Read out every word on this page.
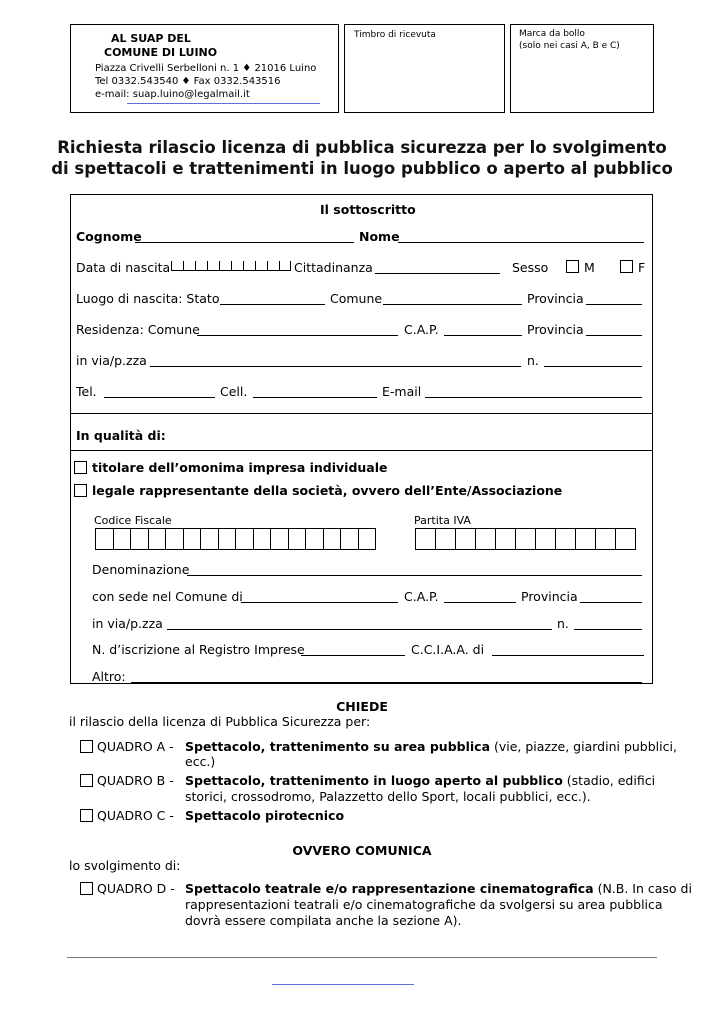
AL SUAP DEL
COMUNE DI LUINO
Piazza Crivelli Serbelloni n. 1 ♦ 21016 Luino
Tel 0332.543540 ♦ Fax 0332.543516
e-mail: suap.luino@legalmail.it
Timbro di ricevuta	Marca da bollo
(solo nei casi A, B e C)
Richiesta rilascio licenza di pubblica sicurezza per lo svolgimento
di spettacoli e trattenimenti in luogo pubblico o aperto al pubblico
Il sottoscritto
Cognome	Nome
Data di nascita	Cittadinanza	Sesso	M	F
Luogo di nascita: Stato	Comune	Provincia
Residenza: Comune	C.A.P.	Provincia
in via/p.zza	n.
Tel.	Cell.	E-mail
In qualità di:
titolare dell’omonima impresa individuale
legale rappresentante della società, ovvero dell’Ente/Associazione
Codice Fiscale	Partita IVA
Denominazione
con sede nel Comune di	C.A.P.	Provincia
in via/p.zza	n.
N. d’iscrizione al Registro Imprese	C.C.I.A.A. di
Altro:
CHIEDE
il rilascio della licenza di Pubblica Sicurezza per:
QUADRO A - Spettacolo, trattenimento su area pubblica (vie, piazze, giardini pubblici,
ecc.)
QUADRO B - Spettacolo, trattenimento in luogo aperto al pubblico (stadio, edifici
storici, crossodromo, Palazzetto dello Sport, locali pubblici, ecc.).
QUADRO C - Spettacolo pirotecnico
OVVERO COMUNICA
lo svolgimento di:
QUADRO D - Spettacolo teatrale e/o rappresentazione cinematografica (N.B. In caso di
rappresentazioni teatrali e/o cinematografiche da svolgersi su area pubblica
dovrà essere compilata anche la sezione A).
